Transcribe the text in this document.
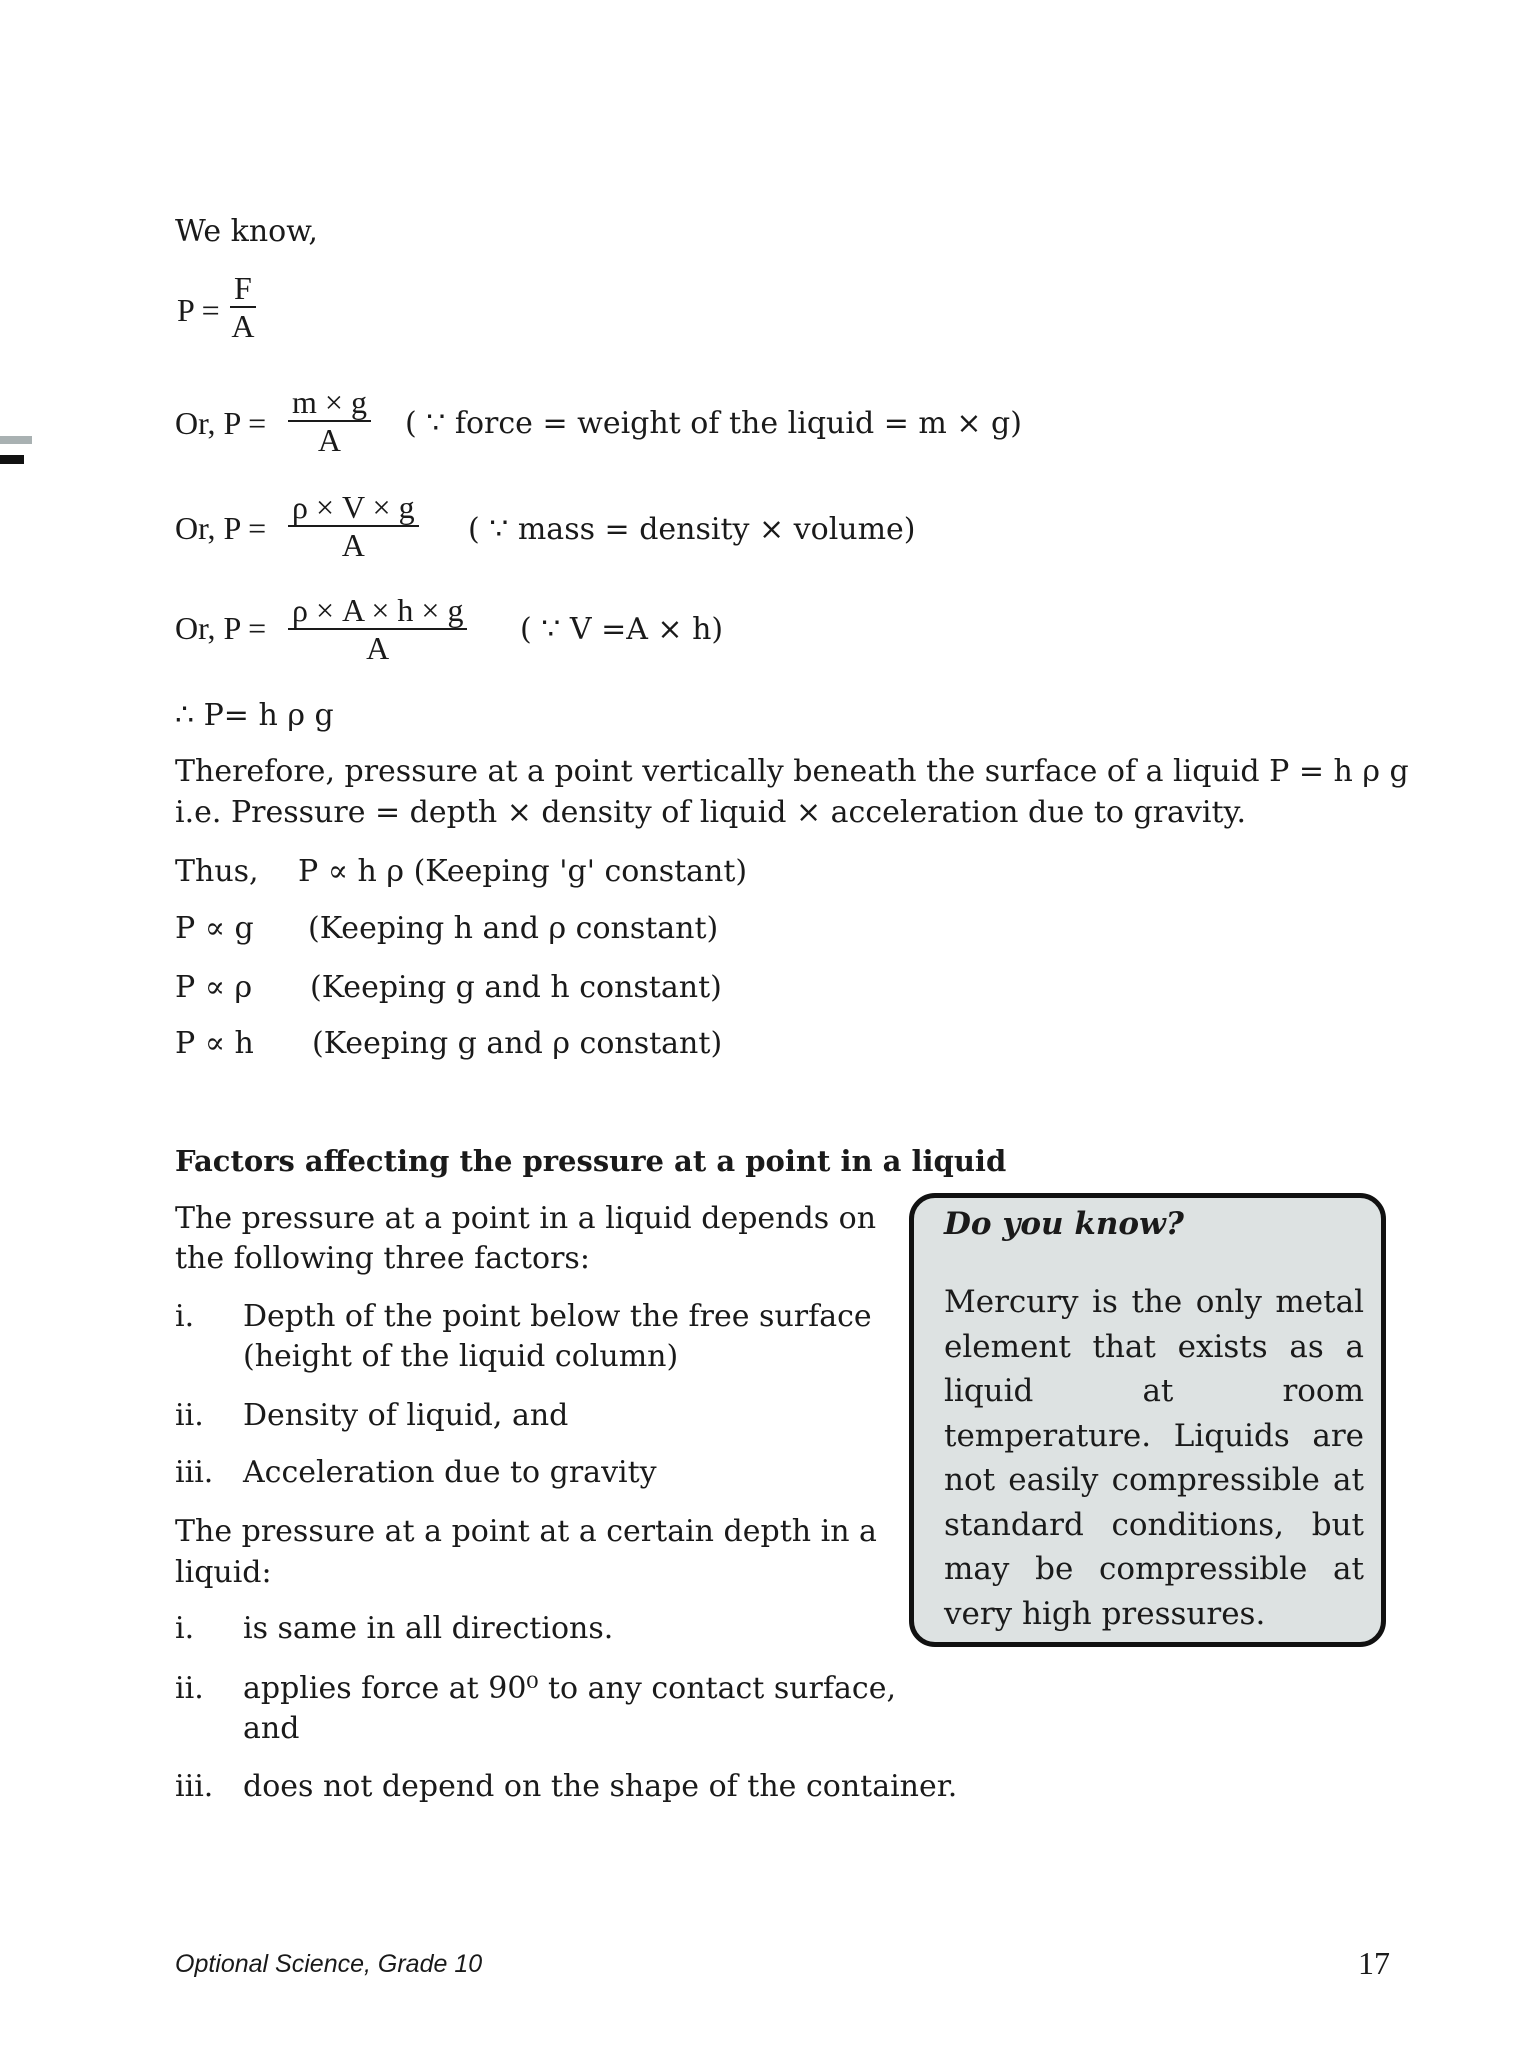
We know,
P =
F
A
Or, P =
m × g
A ( ∵ force = weight of the liquid = m × g)
Or, P =
ρ × V × g
A	( ∵ mass = density × volume)
Or, P = ρ × A × h × g
A
( ∵ V =A × h)
∴ P= h ρ g
Therefore, pressure at a point vertically beneath the surface of a liquid P = h ρ g
i.e. Pressure = depth × density of liquid × acceleration due to gravity.
Thus, P ∝ h ρ (Keeping 'g' constant)
P ∝ g (Keeping h and ρ constant)
P ∝ ρ (Keeping g and h constant)
P ∝ h (Keeping g and ρ constant)
Factors affecting the pressure at a point in a liquid
The pressure at a point in a liquid depends on
the following three factors:
i. Depth of the point below the free surface
(height of the liquid column)
ii. Density of liquid, and
iii. Acceleration due to gravity
The pressure at a point at a certain depth in a
liquid:
i. is same in all directions.
ii. applies force at 90⁰ to any contact surface,
and
iii. does not depend on the shape of the container.
Do you know?
Mercury is the only metal element that exists as a liquid at room temperature. Liquids are not easily compressible at standard conditions, but may be compressible at very high pressures.
Optional Science, Grade 10	17
